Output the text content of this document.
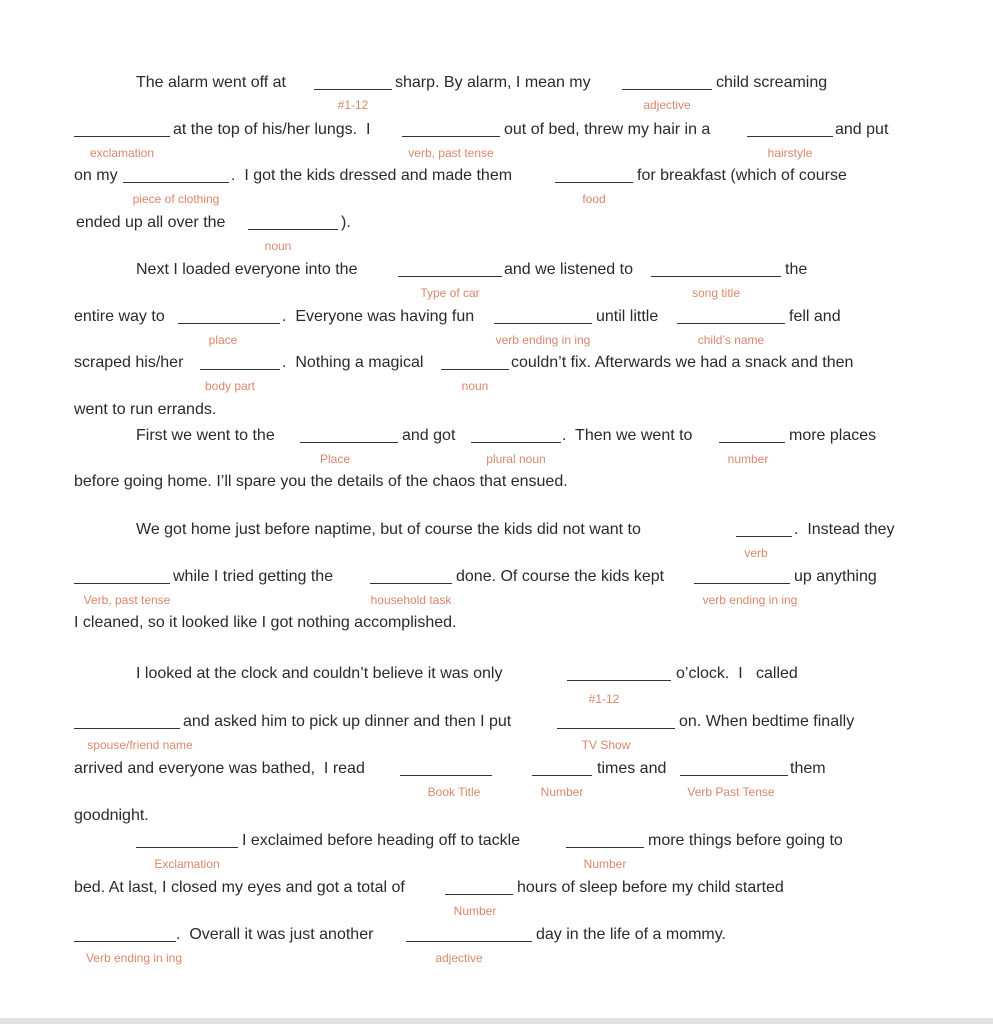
The alarm went off at	sharp. By alarm, I mean my	child screaming
#1-12	adjective
at the top of his/her lungs.  I	out of bed, threw my hair in a	and put
exclamation	verb, past tense	hairstyle
on my	.  I got the kids dressed and made them	for breakfast (which of course
piece of clothing	food
ended up all over the	).
noun
Next I loaded everyone into the	and we listened to	the
Type of car	song title
entire way to	.  Everyone was having fun	until little	fell and
place	verb ending in ing	child’s name
scraped his/her	.  Nothing a magical	couldn’t fix. Afterwards we had a snack and then
body part	noun
went to run errands.
First we went to the	and got	.  Then we went to	more places
Place	plural noun	number
before going home. I’ll spare you the details of the chaos that ensued.
We got home just before naptime, but of course the kids did not want to	.  Instead they
verb
while I tried getting the	done. Of course the kids kept	up anything
Verb, past tense	household task	verb ending in ing
I cleaned, so it looked like I got nothing accomplished.
I looked at the clock and couldn’t believe it was only	o’clock.  I   called
#1-12
and asked him to pick up dinner and then I put	on. When bedtime finally
spouse/friend name	TV Show
arrived and everyone was bathed,  I read	times and	them
Book Title	Number	Verb Past Tense
goodnight.
I exclaimed before heading off to tackle	more things before going to
Exclamation	Number
bed. At last, I closed my eyes and got a total of	hours of sleep before my child started
Number
.  Overall it was just another	day in the life of a mommy.
Verb ending in ing	adjective
